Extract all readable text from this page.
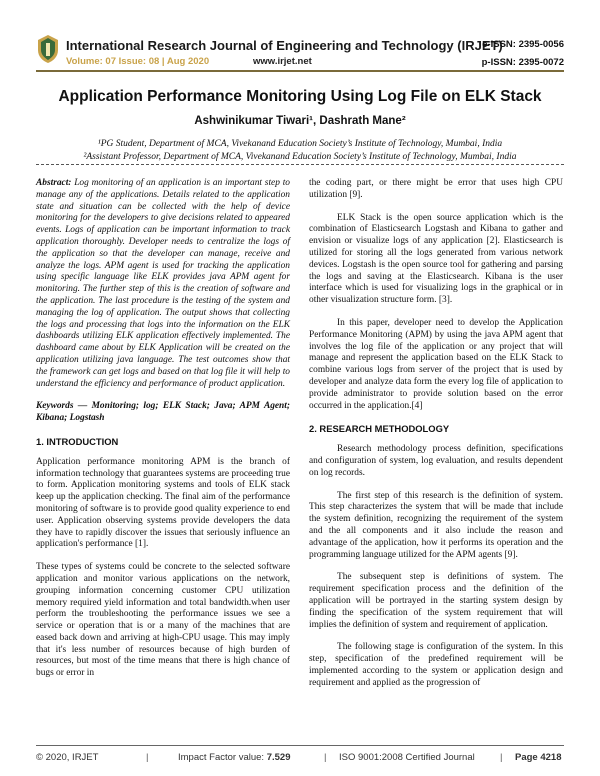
International Research Journal of Engineering and Technology (IRJET)
Volume: 07 Issue: 08 | Aug 2020	www.irjet.net
e-ISSN: 2395-0056
p-ISSN: 2395-0072
Application Performance Monitoring Using Log File on ELK Stack
Ashwinikumar Tiwari¹, Dashrath Mane²
¹PG Student, Department of MCA, Vivekanand Education Society’s Institute of Technology, Mumbai, India
²Assistant Professor, Department of MCA, Vivekanand Education Society’s Institute of Technology, Mumbai, India

Abstract: Log monitoring of an application is an important step to manage any of the applications. Details related to the application state and situation can be collected with the help of device monitoring for the developers to give decisions related to appeared events. Logs of application can be important information to track application thoroughly. Developer needs to centralize the logs of the application so that the developer can manage, receive and analyze the logs. APM agent is used for tracking the application using specific language like ELK provides java APM agent for monitoring. The further step of this is the creation of software and the application. The last procedure is the testing of the system and managing the log of application. The output shows that collecting the logs and processing that logs into the information on the ELK dashboards utilizing ELK application effectively implemented. The dashboard came about by ELK Application will be created on the application utilizing java language. The test outcomes show that the framework can get logs and based on that log file it will help to understand the efficiency and performance of product application.

Keywords — Monitoring; log; ELK Stack; Java; APM Agent; Kibana; Logstash

1. INTRODUCTION

Application performance monitoring APM is the branch of information technology that guarantees systems are proceeding true to form. Application monitoring systems and tools of ELK stack keep up the application checking. The final aim of the performance monitoring of software is to provide good quality experience to end user. Application observing systems provide developers the data they have to rapidly discover the issues that seriously influence an application's performance [1].

These types of systems could be concrete to the selected software application and monitor various applications on the network, grouping information concerning customer CPU utilization memory required yield information and total bandwidth.when user perform the troubleshooting the performance issues we see a service or operation that is or a many of the machines that are eased back down and arriving at high-CPU usage. This may imply that it's less number of resources because of high burden of resources, but most of the time means that there is high chance of bugs or error in

the coding part, or there might be error that uses high CPU utilization [9].

ELK Stack is the open source application which is the combination of Elasticsearch Logstash and Kibana to gather and envision or visualize logs of any application [2]. Elasticsearch is utilized for storing all the logs generated from various network devices. Logstash is the open source tool for gathering and parsing the logs and saving at the Elasticsearch. Kibana is the user interface which is used for visualizing logs in the graphical or in other visualization structure form. [3].

In this paper, developer need to develop the Application Performance Monitoring (APM) by using the java APM agent that involves the log file of the application or any project that will manage and represent the application based on the ELK Stack to combine various logs from server of the project that is used by developer and analyze data form the every log file of application to provide administrator to provide solution based on the error occurred in the application.[4]

2. RESEARCH METHODOLOGY

Research methodology process definition, specifications and configuration of system, log evaluation, and results dependent on log records.

The first step of this research is the definition of system. This step characterizes the system that will be made that include the system definition, recognizing the requirement of the system and the all components and it also include the reason and advantage of the application, how it performs its operation and the programming language utilized for the APM agents [9].

The subsequent step is definitions of system. The requirement specification process and the definition of the application will be portrayed in the starting system design by finding the specification of the system requirement that will implies the definition of system and requirement of application.

The following stage is configuration of the system. In this step, specification of the predefined requirement will be implemented according to the system or application design and requirement and applied as the progression of

© 2020, IRJET	|	Impact Factor value: 7.529	| ISO 9001:2008 Certified Journal	| Page 4218
